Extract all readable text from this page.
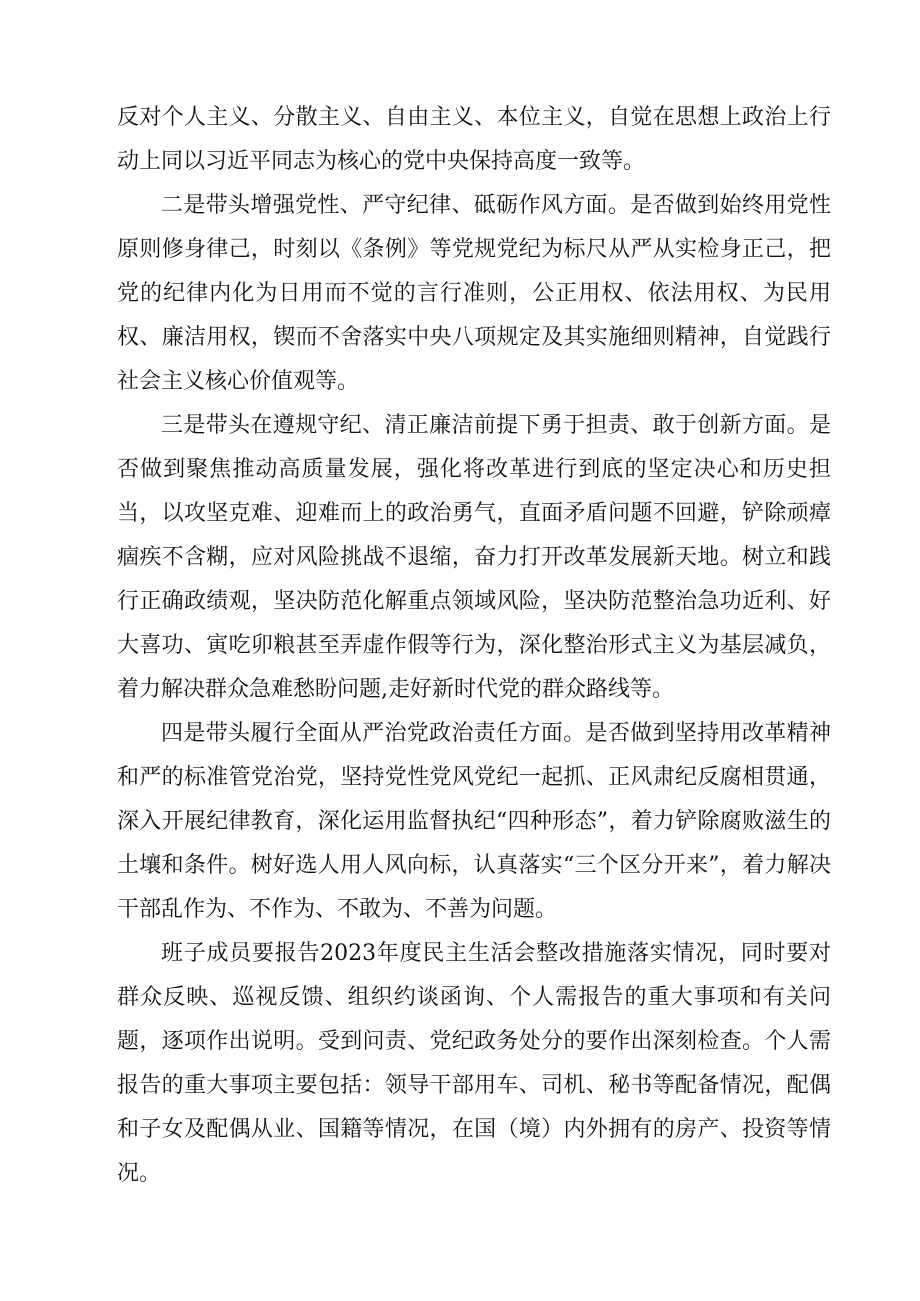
反对个人主义、分散主义、自由主义、本位主义，自觉在思想上政治上行动上同以习近平同志为核心的党中央保持高度一致等。

二是带头增强党性、严守纪律、砥砺作风方面。是否做到始终用党性原则修身律己，时刻以《条例》等党规党纪为标尺从严从实检身正己，把党的纪律内化为日用而不觉的言行准则，公正用权、依法用权、为民用权、廉洁用权，锲而不舍落实中央八项规定及其实施细则精神，自觉践行社会主义核心价值观等。

三是带头在遵规守纪、清正廉洁前提下勇于担责、敢于创新方面。是否做到聚焦推动高质量发展，强化将改革进行到底的坚定决心和历史担当，以攻坚克难、迎难而上的政治勇气，直面矛盾问题不回避，铲除顽瘴痼疾不含糊，应对风险挑战不退缩，奋力打开改革发展新天地。树立和践行正确政绩观，坚决防范化解重点领域风险，坚决防范整治急功近利、好大喜功、寅吃卯粮甚至弄虚作假等行为，深化整治形式主义为基层减负，着力解决群众急难愁盼问题,走好新时代党的群众路线等。

四是带头履行全面从严治党政治责任方面。是否做到坚持用改革精神和严的标准管党治党，坚持党性党风党纪一起抓、正风肃纪反腐相贯通，深入开展纪律教育，深化运用监督执纪“四种形态”，着力铲除腐败滋生的土壤和条件。树好选人用人风向标，认真落实“三个区分开来”，着力解决干部乱作为、不作为、不敢为、不善为问题。

班子成员要报告2023年度民主生活会整改措施落实情况，同时要对群众反映、巡视反馈、组织约谈函询、个人需报告的重大事项和有关问题，逐项作出说明。受到问责、党纪政务处分的要作出深刻检查。个人需报告的重大事项主要包括：领导干部用车、司机、秘书等配备情况，配偶和子女及配偶从业、国籍等情况，在国（境）内外拥有的房产、投资等情况。
